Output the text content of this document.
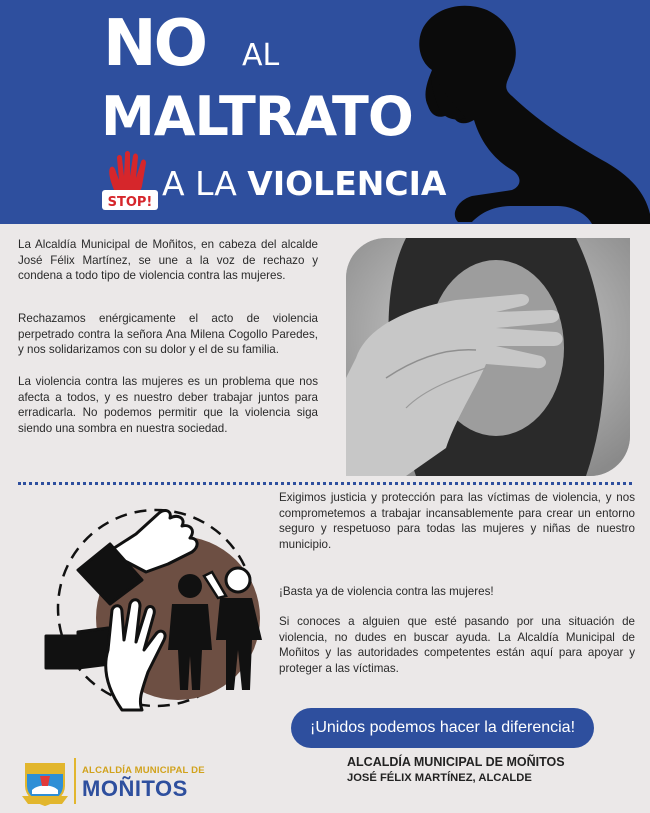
NO AL
MALTRATO
STOP! A LA VIOLENCIA

La Alcaldía Municipal de Moñitos, en cabeza del alcalde José Félix Martínez, se une a la voz de rechazo y condena a todo tipo de violencia contra las mujeres.

Rechazamos enérgicamente el acto de violencia perpetrado contra la señora Ana Milena Cogollo Paredes, y nos solidarizamos con su dolor y el de su familia.

La violencia contra las mujeres es un problema que nos afecta a todos, y es nuestro deber trabajar juntos para erradicarla. No podemos permitir que la violencia siga siendo una sombra en nuestra sociedad.

Exigimos justicia y protección para las víctimas de violencia, y nos comprometemos a trabajar incansablemente para crear un entorno seguro y respetuoso para todas las mujeres y niñas de nuestro municipio.

¡Basta ya de violencia contra las mujeres!

Si conoces a alguien que esté pasando por una situación de violencia, no dudes en buscar ayuda. La Alcaldía Municipal de Moñitos y las autoridades competentes están aquí para apoyar y proteger a las víctimas.

¡Unidos podemos hacer la diferencia!
ALCALDÍA MUNICIPAL DE
MOÑITOS
ALCALDÍA MUNICIPAL DE MOÑITOS
JOSÉ FÉLIX MARTÍNEZ, ALCALDE
